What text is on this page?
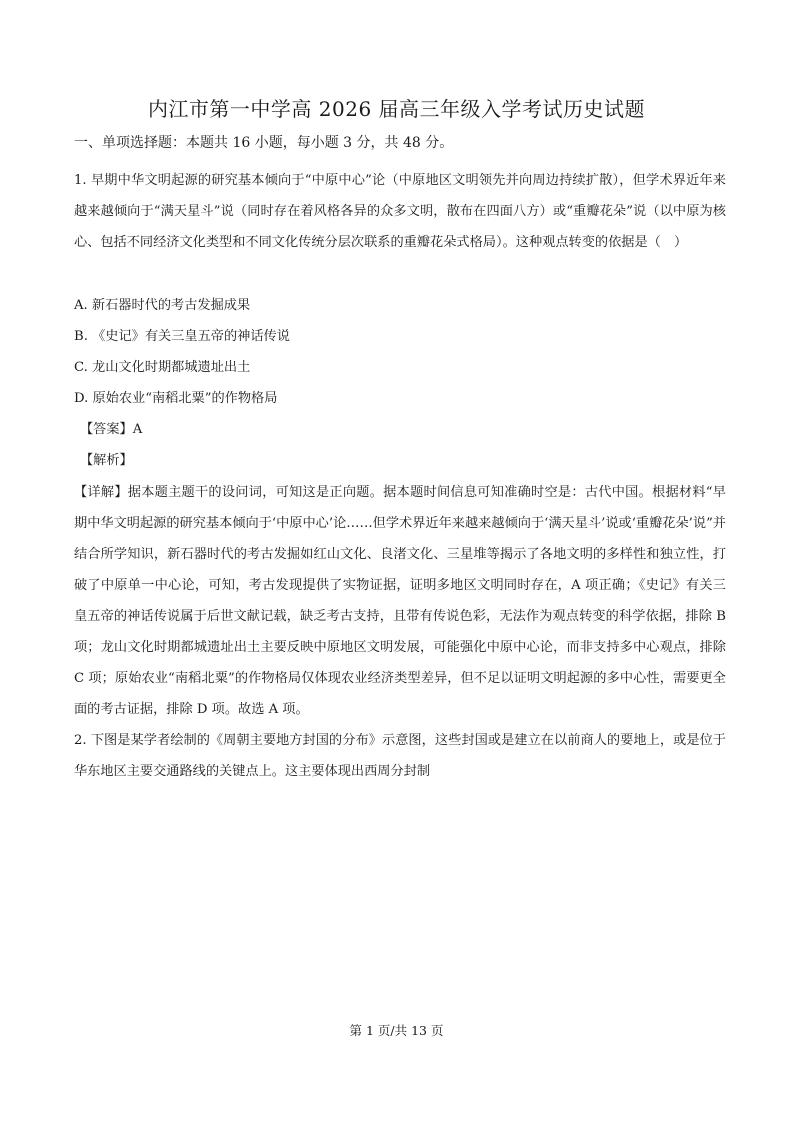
内江市第一中学高 2026 届高三年级入学考试历史试题
一、单项选择题：本题共 16 小题，每小题 3 分，共 48 分。
1. 早期中华文明起源的研究基本倾向于“中原中心”论（中原地区文明领先并向周边持续扩散），但学术界近年来越来越倾向于“满天星斗”说（同时存在着风格各异的众多文明，散布在四面八方）或“重瓣花朵”说（以中原为核心、包括不同经济文化类型和不同文化传统分层次联系的重瓣花朵式格局）。这种观点转变的依据是（　）
A. 新石器时代的考古发掘成果
B. 《史记》有关三皇五帝的神话传说
C. 龙山文化时期都城遗址出土
D. 原始农业“南稻北粟”的作物格局
【答案】A
【解析】
【详解】据本题主题干的设问词，可知这是正向题。据本题时间信息可知准确时空是：古代中国。根据材料“早期中华文明起源的研究基本倾向于‘中原中心’论……但学术界近年来越来越倾向于‘满天星斗’说或‘重瓣花朵’说”并结合所学知识，新石器时代的考古发掘如红山文化、良渚文化、三星堆等揭示了各地文明的多样性和独立性，打破了中原单一中心论，可知，考古发现提供了实物证据，证明多地区文明同时存在，A 项正确；《史记》有关三皇五帝的神话传说属于后世文献记载，缺乏考古支持，且带有传说色彩，无法作为观点转变的科学依据，排除 B 项；龙山文化时期都城遗址出土主要反映中原地区文明发展，可能强化中原中心论，而非支持多中心观点，排除 C 项；原始农业“南稻北粟”的作物格局仅体现农业经济类型差异，但不足以证明文明起源的多中心性，需要更全面的考古证据，排除 D 项。故选 A 项。
2. 下图是某学者绘制的《周朝主要地方封国的分布》示意图，这些封国或是建立在以前商人的要地上，或是位于华东地区主要交通路线的关键点上。这主要体现出西周分封制
第 1 页/共 13 页
